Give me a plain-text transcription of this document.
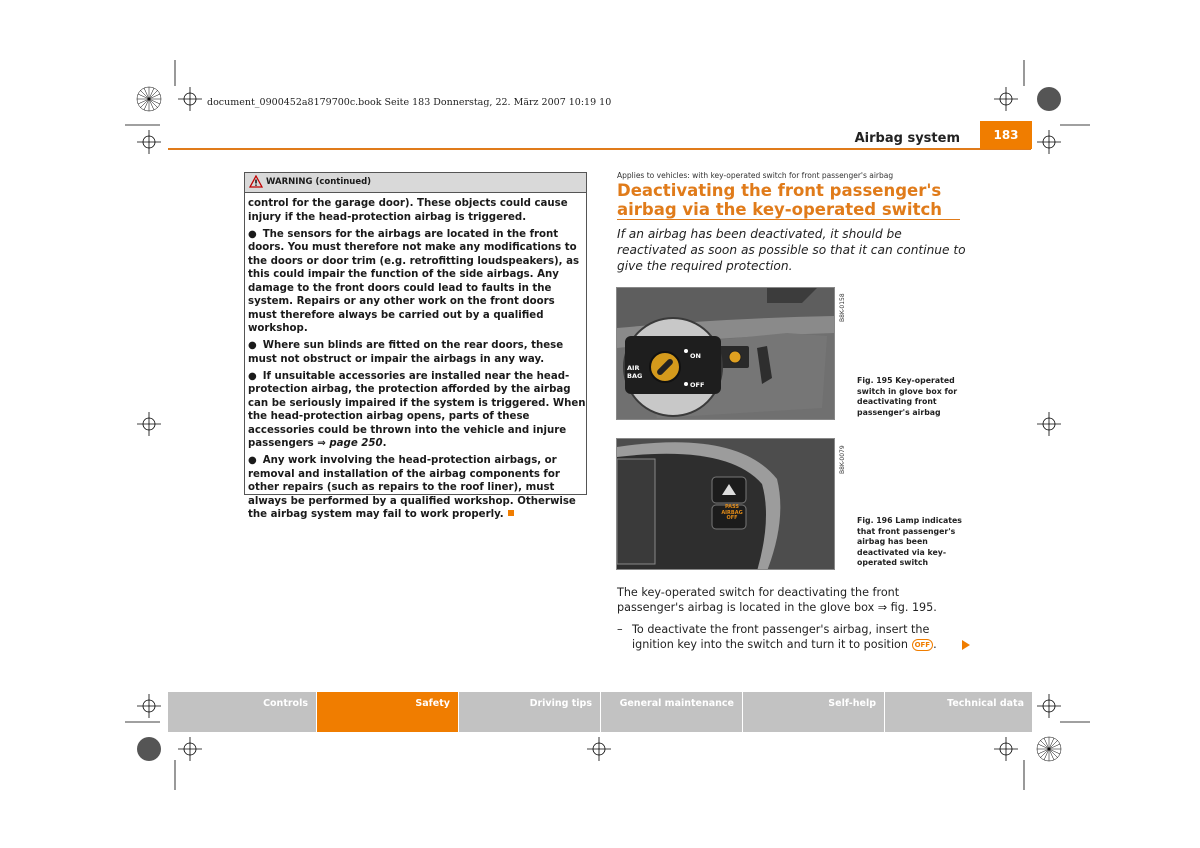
document_0900452a8179700c.book Seite 183 Donnerstag, 22. März 2007 10:19 10
Airbag system	183
WARNING (continued)

control for the garage door). These objects could cause injury if the head-protection airbag is triggered.

● The sensors for the airbags are located in the front doors. You must therefore not make any modifications to the doors or door trim (e.g. retrofitting loudspeakers), as this could impair the function of the side airbags. Any damage to the front doors could lead to faults in the system. Repairs or any other work on the front doors must therefore always be carried out by a qualified workshop.

● Where sun blinds are fitted on the rear doors, these must not obstruct or impair the airbags in any way.

● If unsuitable accessories are installed near the head-protection airbag, the protection afforded by the airbag can be seriously impaired if the system is triggered. When the head-protection airbag opens, parts of these accessories could be thrown into the vehicle and injure passengers ⇒ page 250.

● Any work involving the head-protection airbags, or removal and installation of the airbag components for other repairs (such as repairs to the roof liner), must always be performed by a qualified workshop. Otherwise the airbag system may fail to work properly.

Applies to vehicles: with key-operated switch for front passenger's airbag
Deactivating the front passenger's
airbag via the key-operated switch
If an airbag has been deactivated, it should be reactivated as soon as possible so that it can continue to give the required protection.
ON
OFF
AIR
BAG
B8K-0158
Fig. 195 Key-operated switch in glove box for deactivating front passenger's airbag
PASS AIRBAG OFF
B8K-0079
Fig. 196 Lamp indicates that front passenger's airbag has been deactivated via key-operated switch
The key-operated switch for deactivating the front passenger's airbag is located in the glove box ⇒ fig. 195.
– To deactivate the front passenger's airbag, insert the ignition key into the switch and turn it to position OFF .
Controls	Safety	Driving tips	General maintenance	Self-help	Technical data
